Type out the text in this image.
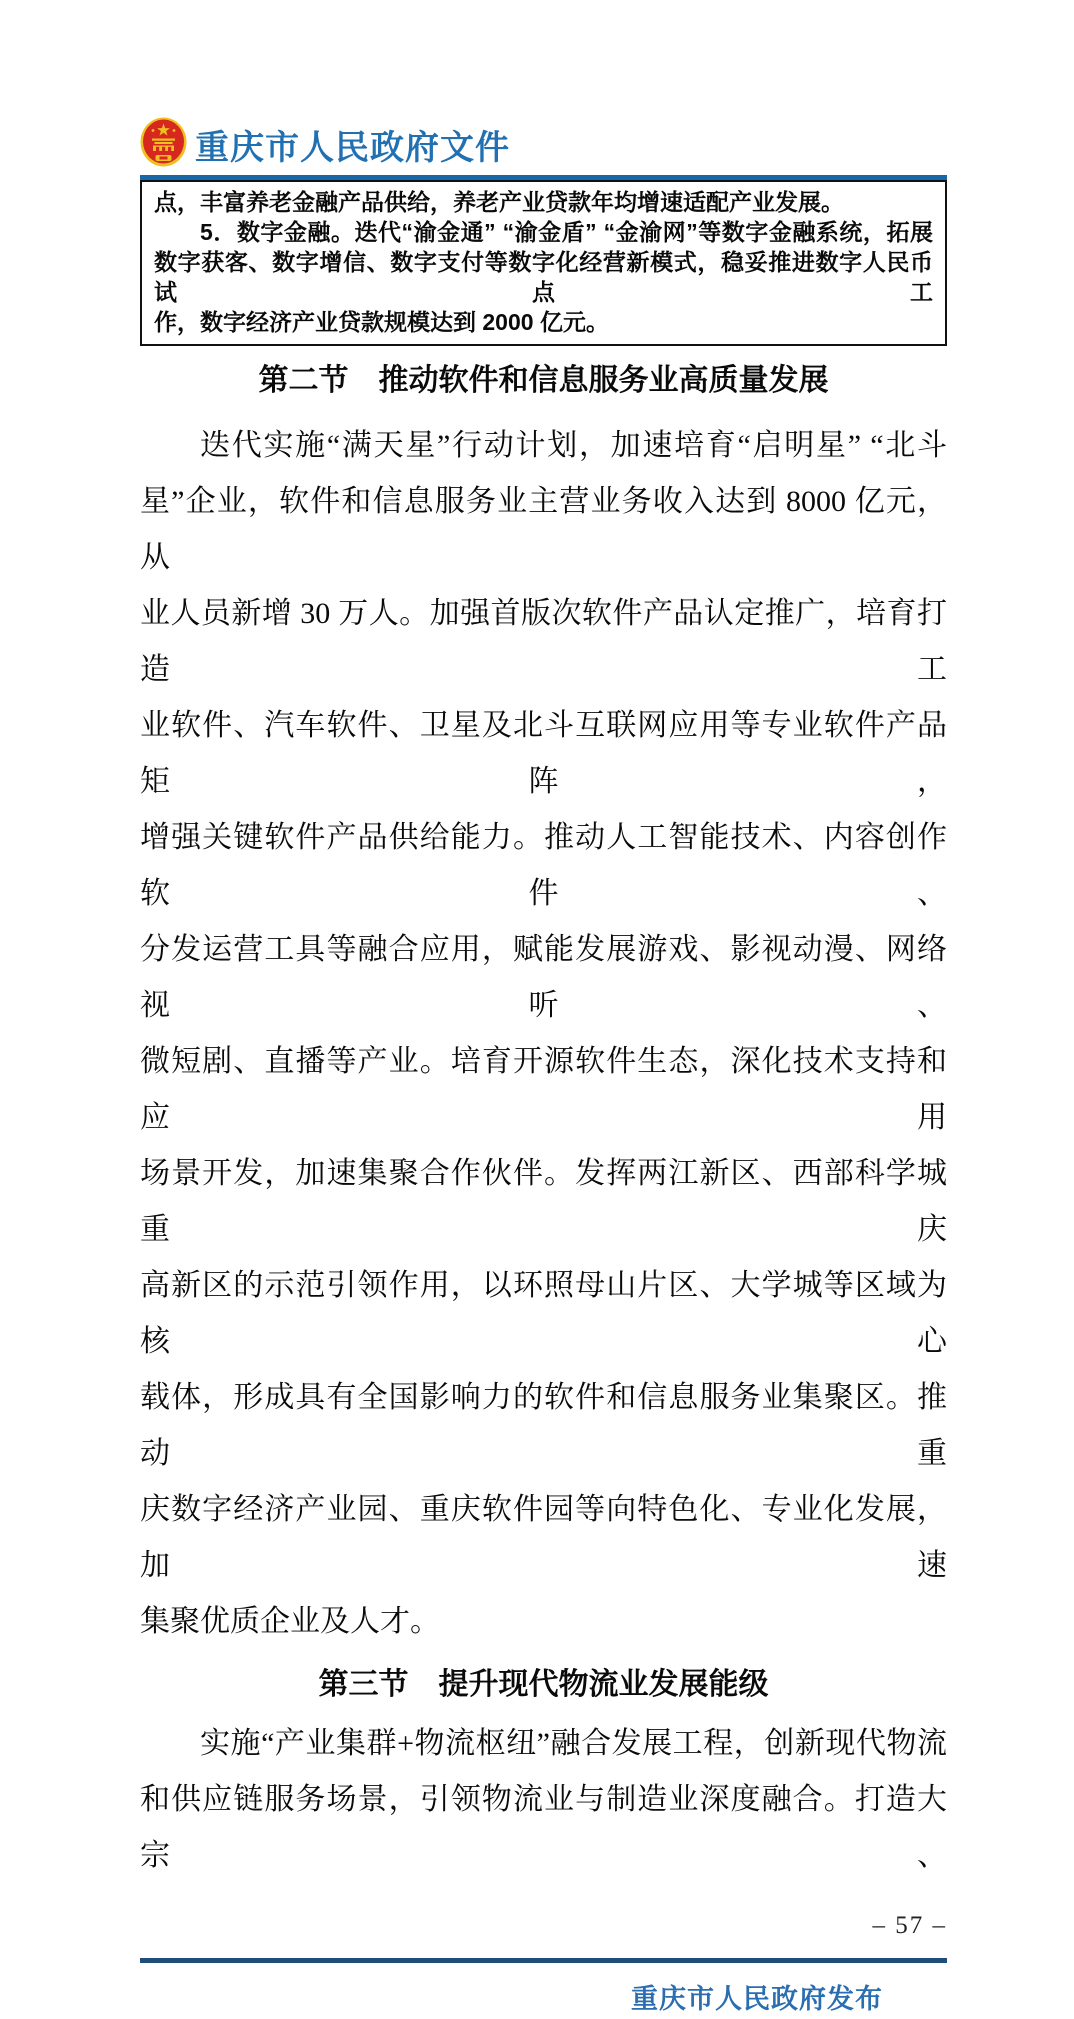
重庆市人民政府文件
点，丰富养老金融产品供给，养老产业贷款年均增速适配产业发展。
5．数字金融。迭代“渝金通” “渝金盾” “金渝网”等数字金融系统，拓展
数字获客、数字增信、数字支付等数字化经营新模式，稳妥推进数字人民币试点工
作，数字经济产业贷款规模达到 2000 亿元。
第二节　推动软件和信息服务业高质量发展
迭代实施“满天星”行动计划，加速培育“启明星” “北斗
星”企业，软件和信息服务业主营业务收入达到 8000 亿元，从
业人员新增 30 万人。加强首版次软件产品认定推广，培育打造工
业软件、汽车软件、卫星及北斗互联网应用等专业软件产品矩阵，
增强关键软件产品供给能力。推动人工智能技术、内容创作软件、
分发运营工具等融合应用，赋能发展游戏、影视动漫、网络视听、
微短剧、直播等产业。培育开源软件生态，深化技术支持和应用
场景开发，加速集聚合作伙伴。发挥两江新区、西部科学城重庆
高新区的示范引领作用，以环照母山片区、大学城等区域为核心
载体，形成具有全国影响力的软件和信息服务业集聚区。推动重
庆数字经济产业园、重庆软件园等向特色化、专业化发展，加速
集聚优质企业及人才。
第三节　提升现代物流业发展能级
实施“产业集群+物流枢纽”融合发展工程，创新现代物流
和供应链服务场景，引领物流业与制造业深度融合。打造大宗、
– 57 –
重庆市人民政府发布
